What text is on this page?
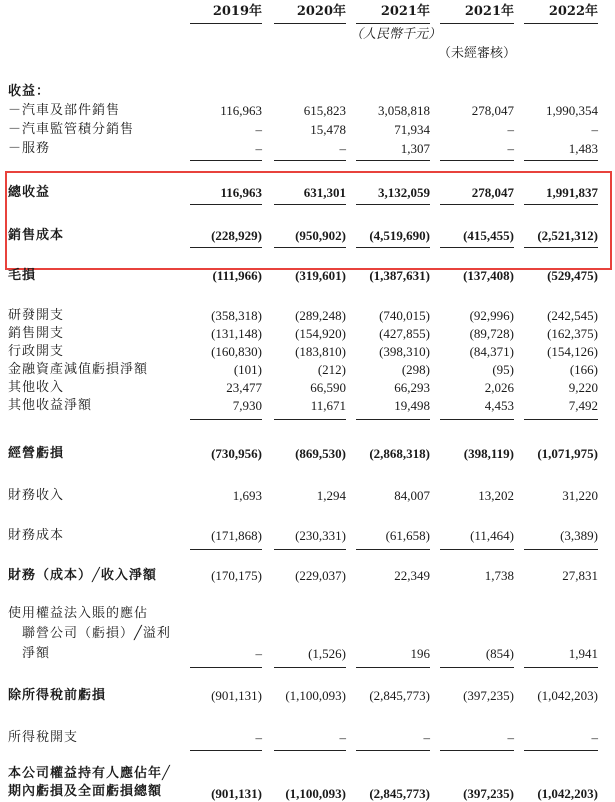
2019年	2020年	2021年	2021年	2022年
（人民幣千元）
（未經審核）
收益：
－汽車及部件銷售	116,963	615,823	3,058,818	278,047	1,990,354
－汽車監管積分銷售	–	15,478	71,934	–	–
－服務	–	–	1,307	–	1,483
總收益	116,963	631,301	3,132,059	278,047	1,991,837
銷售成本	(228,929)	(950,902)	(4,519,690)	(415,455)	(2,521,312)
毛損	(111,966)	(319,601)	(1,387,631)	(137,408)	(529,475)
研發開支	(358,318)	(289,248)	(740,015)	(92,996)	(242,545)
銷售開支	(131,148)	(154,920)	(427,855)	(89,728)	(162,375)
行政開支	(160,830)	(183,810)	(398,310)	(84,371)	(154,126)
金融資產減值虧損淨額	(101)	(212)	(298)	(95)	(166)
其他收入	23,477	66,590	66,293	2,026	9,220
其他收益淨額	7,930	11,671	19,498	4,453	7,492
經營虧損	(730,956)	(869,530)	(2,868,318)	(398,119)	(1,071,975)
財務收入	1,693	1,294	84,007	13,202	31,220
財務成本	(171,868)	(230,331)	(61,658)	(11,464)	(3,389)
財務（成本）╱收入淨額	(170,175)	(229,037)	22,349	1,738	27,831
使用權益法入賬的應佔
聯營公司（虧損）╱溢利
淨額	–	(1,526)	196	(854)	1,941
除所得稅前虧損	(901,131)	(1,100,093)	(2,845,773)	(397,235)	(1,042,203)
所得稅開支	–	–	–	–	–
本公司權益持有人應佔年╱
期內虧損及全面虧損總額	(901,131)	(1,100,093)	(2,845,773)	(397,235)	(1,042,203)
